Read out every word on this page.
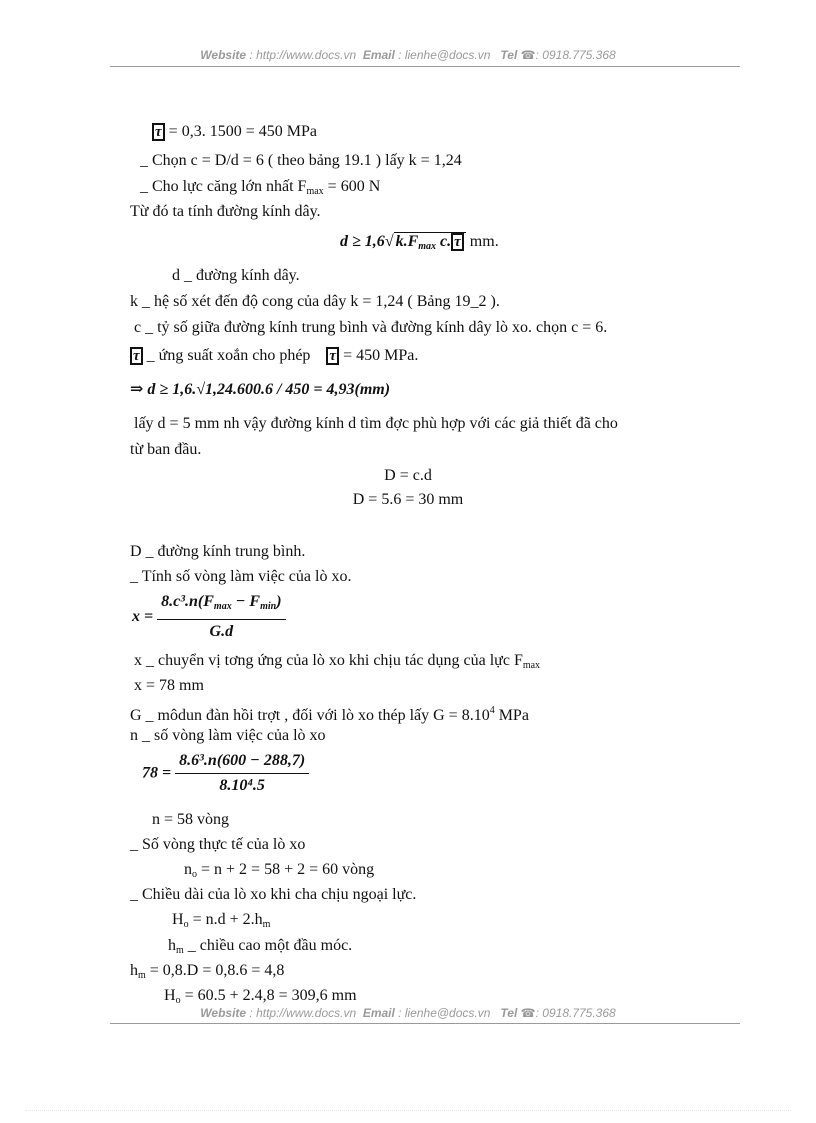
Website : http://www.docs.vn Email : lienhe@docs.vn Tel ☎: 0918.775.368
τ = 0,3. 1500 = 450 MPa
_ Chọn c = D/d = 6 ( theo bảng 19.1 ) lấy k = 1,24
_ Cho lực căng lớn nhất $F_{max} = 600$ N
Từ đó ta tính đường kính dây.
d ≥ 1,6√ $k.F_{max}$ c. τ mm.
d _ đường kính dây.
k _ hệ số xét đến độ cong của dây k = 1,24 ( Bảng 19_2 ).
c _ tỷ số giữa đường kính trung bình và đường kính dây lò xo. chọn c = 6.
τ _ ứng suất xoắn cho phép τ = 450 MPa.
⇒ d ≥ 1,6.√1,24.600.6 / 450 = 4,93(mm)
lấy d = 5 mm nh vậy đường kính d tìm đợc phù hợp với các giả thiết đã cho
từ ban đầu.
D = c.d
D = 5.6 = 30 mm
D _ đường kính trung bình.
_ Tính số vòng làm việc của lò xo.
$x = \frac{8.c^3.n(F_{max} - F_{min})}{G.d}$
x _ chuyển vị tơng ứng của lò xo khi chịu tác dụng của lực $F_{max}$
x = 78 mm
G _ môdun đàn hồi trợt , đối với lò xo thép lấy $G = 8.10^4$ MPa
n _ số vòng làm việc của lò xo
$78 = \frac{\text{8.6³.n(600 − 288,7)}}{\text{8.10⁴.5}}$
n = 58 vòng
_ Số vòng thực tế của lò xo
$n_o = n + 2 = 58 + 2 = 60$ vòng
_ Chiều dài của lò xo khi cha chịu ngoại lực.
$H_o = n.d + 2.h_m$
$h_m$ _ chiều cao một đầu móc.
$h_m = 0,8.D = 0,8.6 = 4,8$
$H_o = 60.5 + 2.4,8 = 309,6$ mm
Website : http://www.docs.vn Email : lienhe@docs.vn Tel ☎: 0918.775.368
